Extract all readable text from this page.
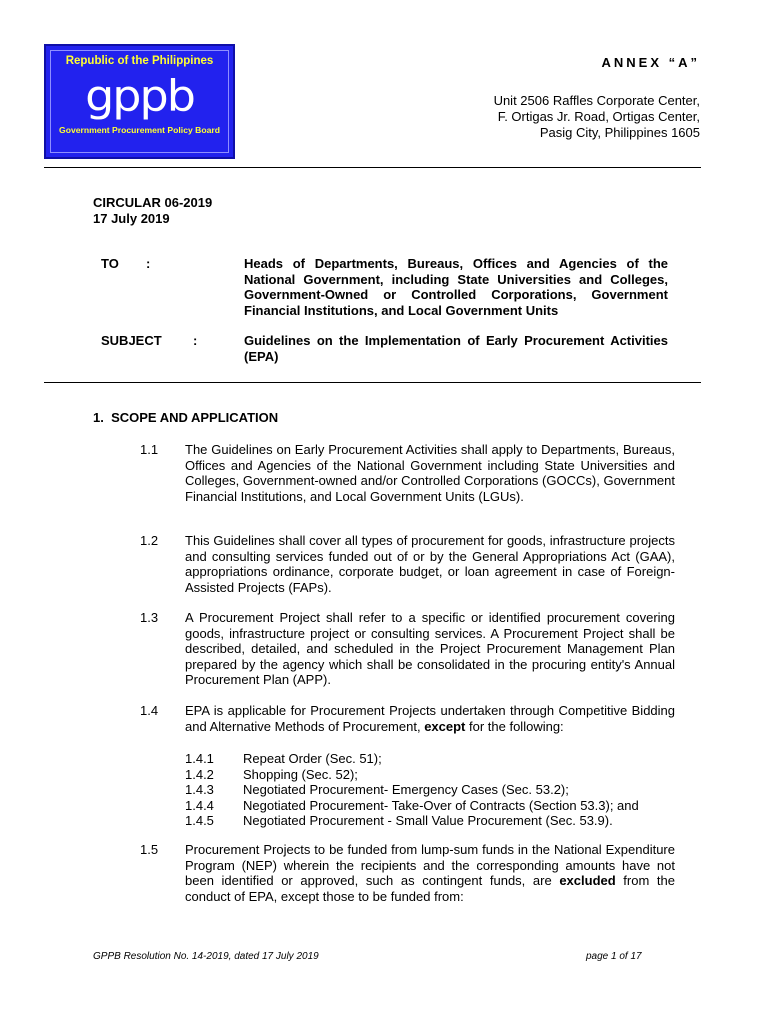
Republic of the Philippines
gppb
Government Procurement Policy Board
ANNEX “A”
Unit 2506 Raffles Corporate Center,
F. Ortigas Jr. Road, Ortigas Center,
Pasig City, Philippines 1605
CIRCULAR 06-2019
17 July 2019
TO :	Heads of Departments, Bureaus, Offices and Agencies of the National Government, including State Universities and Colleges, Government-Owned or Controlled Corporations, Government Financial Institutions, and Local Government Units
SUBJECT :	Guidelines on the Implementation of Early Procurement Activities (EPA)
1.  SCOPE AND APPLICATION
1.1 The Guidelines on Early Procurement Activities shall apply to Departments, Bureaus, Offices and Agencies of the National Government including State Universities and Colleges, Government-owned and/or Controlled Corporations (GOCCs), Government Financial Institutions, and Local Government Units (LGUs).
1.2 This Guidelines shall cover all types of procurement for goods, infrastructure projects and consulting services funded out of or by the General Appropriations Act (GAA), appropriations ordinance, corporate budget, or loan agreement in case of Foreign-Assisted Projects (FAPs).
1.3 A Procurement Project shall refer to a specific or identified procurement covering goods, infrastructure project or consulting services. A Procurement Project shall be described, detailed, and scheduled in the Project Procurement Management Plan prepared by the agency which shall be consolidated in the procuring entity's Annual Procurement Plan (APP).
1.4 EPA is applicable for Procurement Projects undertaken through Competitive Bidding and Alternative Methods of Procurement, except for the following:
1.4.1	Repeat Order (Sec. 51);
1.4.2	Shopping (Sec. 52);
1.4.3	Negotiated Procurement- Emergency Cases (Sec. 53.2);
1.4.4	Negotiated Procurement- Take-Over of Contracts (Section 53.3); and
1.4.5	Negotiated Procurement - Small Value Procurement (Sec. 53.9).
1.5 Procurement Projects to be funded from lump-sum funds in the National Expenditure Program (NEP) wherein the recipients and the corresponding amounts have not been identified or approved, such as contingent funds, are excluded from the conduct of EPA, except those to be funded from:
GPPB Resolution No. 14-2019, dated 17 July 2019	page 1 of 17
